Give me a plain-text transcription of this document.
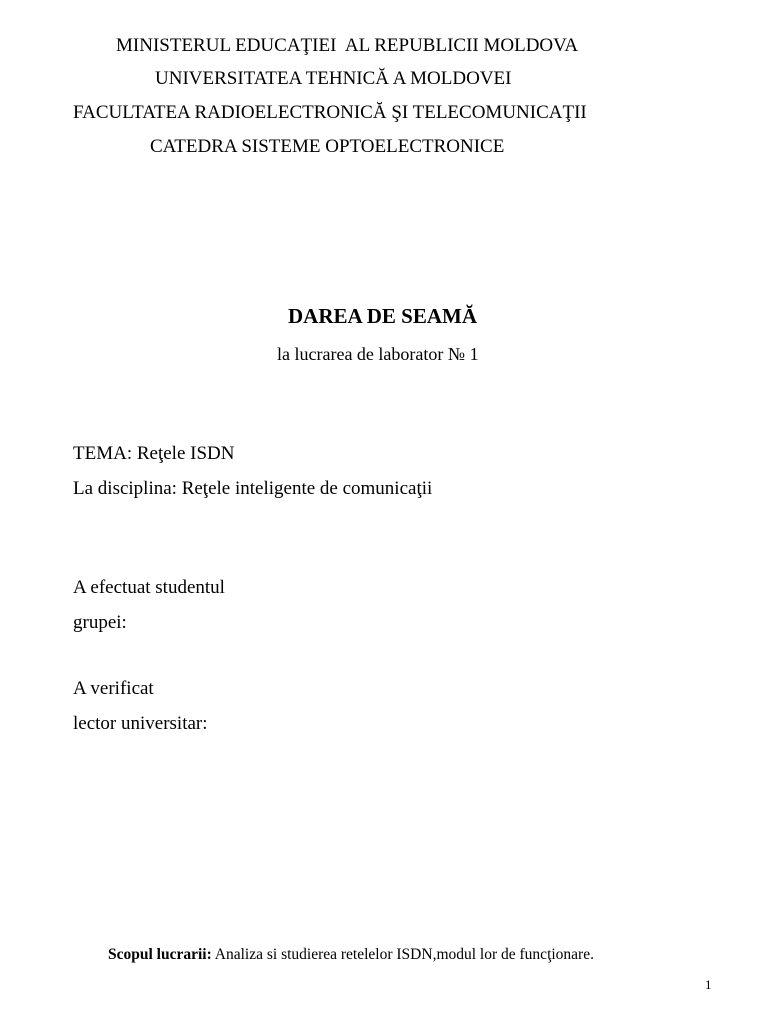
MINISTERUL EDUCAŢIEI  AL REPUBLICII MOLDOVA
UNIVERSITATEA TEHNICĂ A MOLDOVEI
FACULTATEA RADIOELECTRONICĂ ŞI TELECOMUNICAŢII
CATEDRA SISTEME OPTOELECTRONICE
DAREA DE SEAMĂ
la lucrarea de laborator № 1
TEMA: Reţele ISDN
La disciplina: Reţele inteligente de comunicaţii
A efectuat studentul
grupei:
A verificat
lector universitar:
Scopul lucrarii: Analiza si studierea retelelor ISDN,modul lor de funcţionare.
1
